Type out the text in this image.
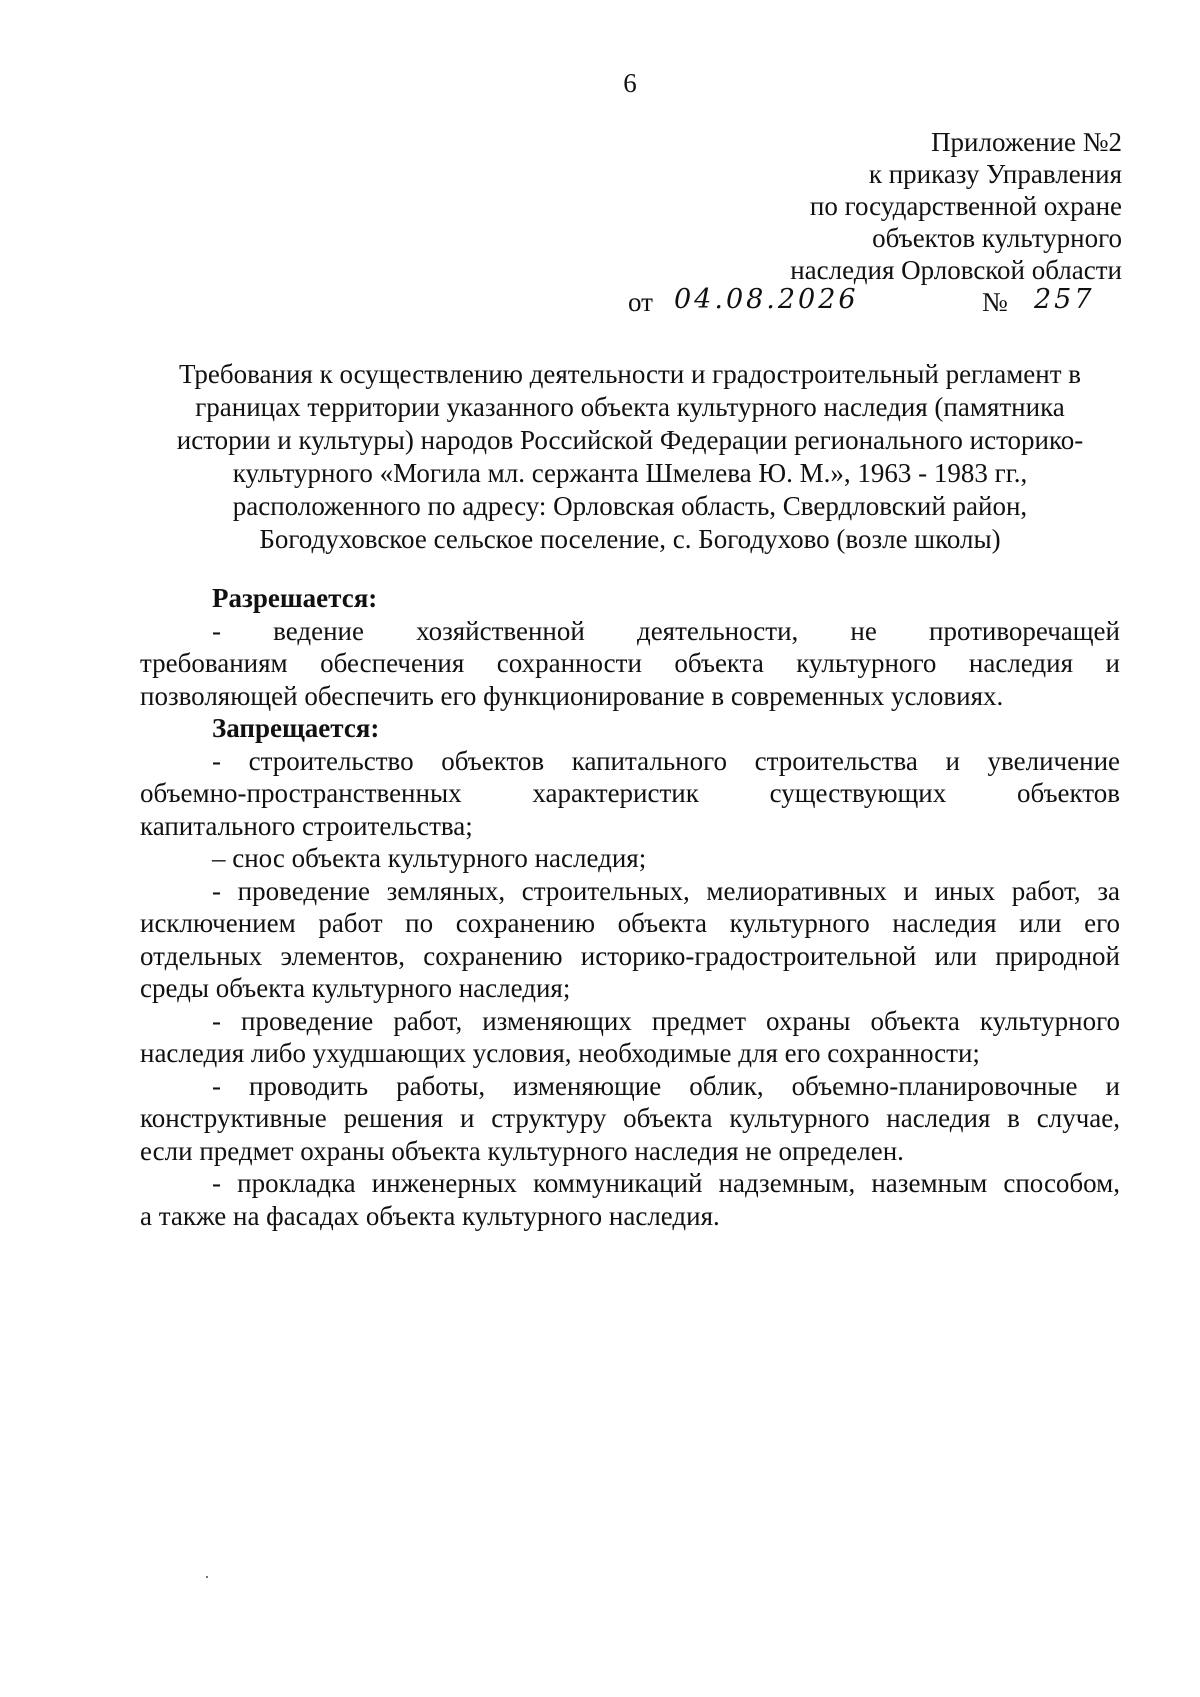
6
Приложение №2
к приказу Управления
по государственной охране
объектов культурного
наследия Орловской области
от 04.08.2026	№ 257
Требования к осуществлению деятельности и градостроительный регламент в
границах территории указанного объекта культурного наследия (памятника
истории и культуры) народов Российской Федерации регионального историко-
культурного «Могила мл. сержанта Шмелева Ю. М.», 1963 - 1983 гг.,
расположенного по адресу: Орловская область, Свердловский район,
Богодуховское сельское поселение, с. Богодухово (возле школы)
Разрешается:
- ведение хозяйственной деятельности, не противоречащей
требованиям обеспечения сохранности объекта культурного наследия и
позволяющей обеспечить его функционирование в современных условиях.
Запрещается:
- строительство объектов капитального строительства и увеличение
объемно-пространственных характеристик существующих объектов
капитального строительства;
– снос объекта культурного наследия;
- проведение земляных, строительных, мелиоративных и иных работ, за
исключением работ по сохранению объекта культурного наследия или его
отдельных элементов, сохранению историко-градостроительной или природной
среды объекта культурного наследия;
- проведение работ, изменяющих предмет охраны объекта культурного
наследия либо ухудшающих условия, необходимые для его сохранности;
- проводить работы, изменяющие облик, объемно-планировочные и
конструктивные решения и структуру объекта культурного наследия в случае,
если предмет охраны объекта культурного наследия не определен.
- прокладка инженерных коммуникаций надземным, наземным способом,
а также на фасадах объекта культурного наследия.
